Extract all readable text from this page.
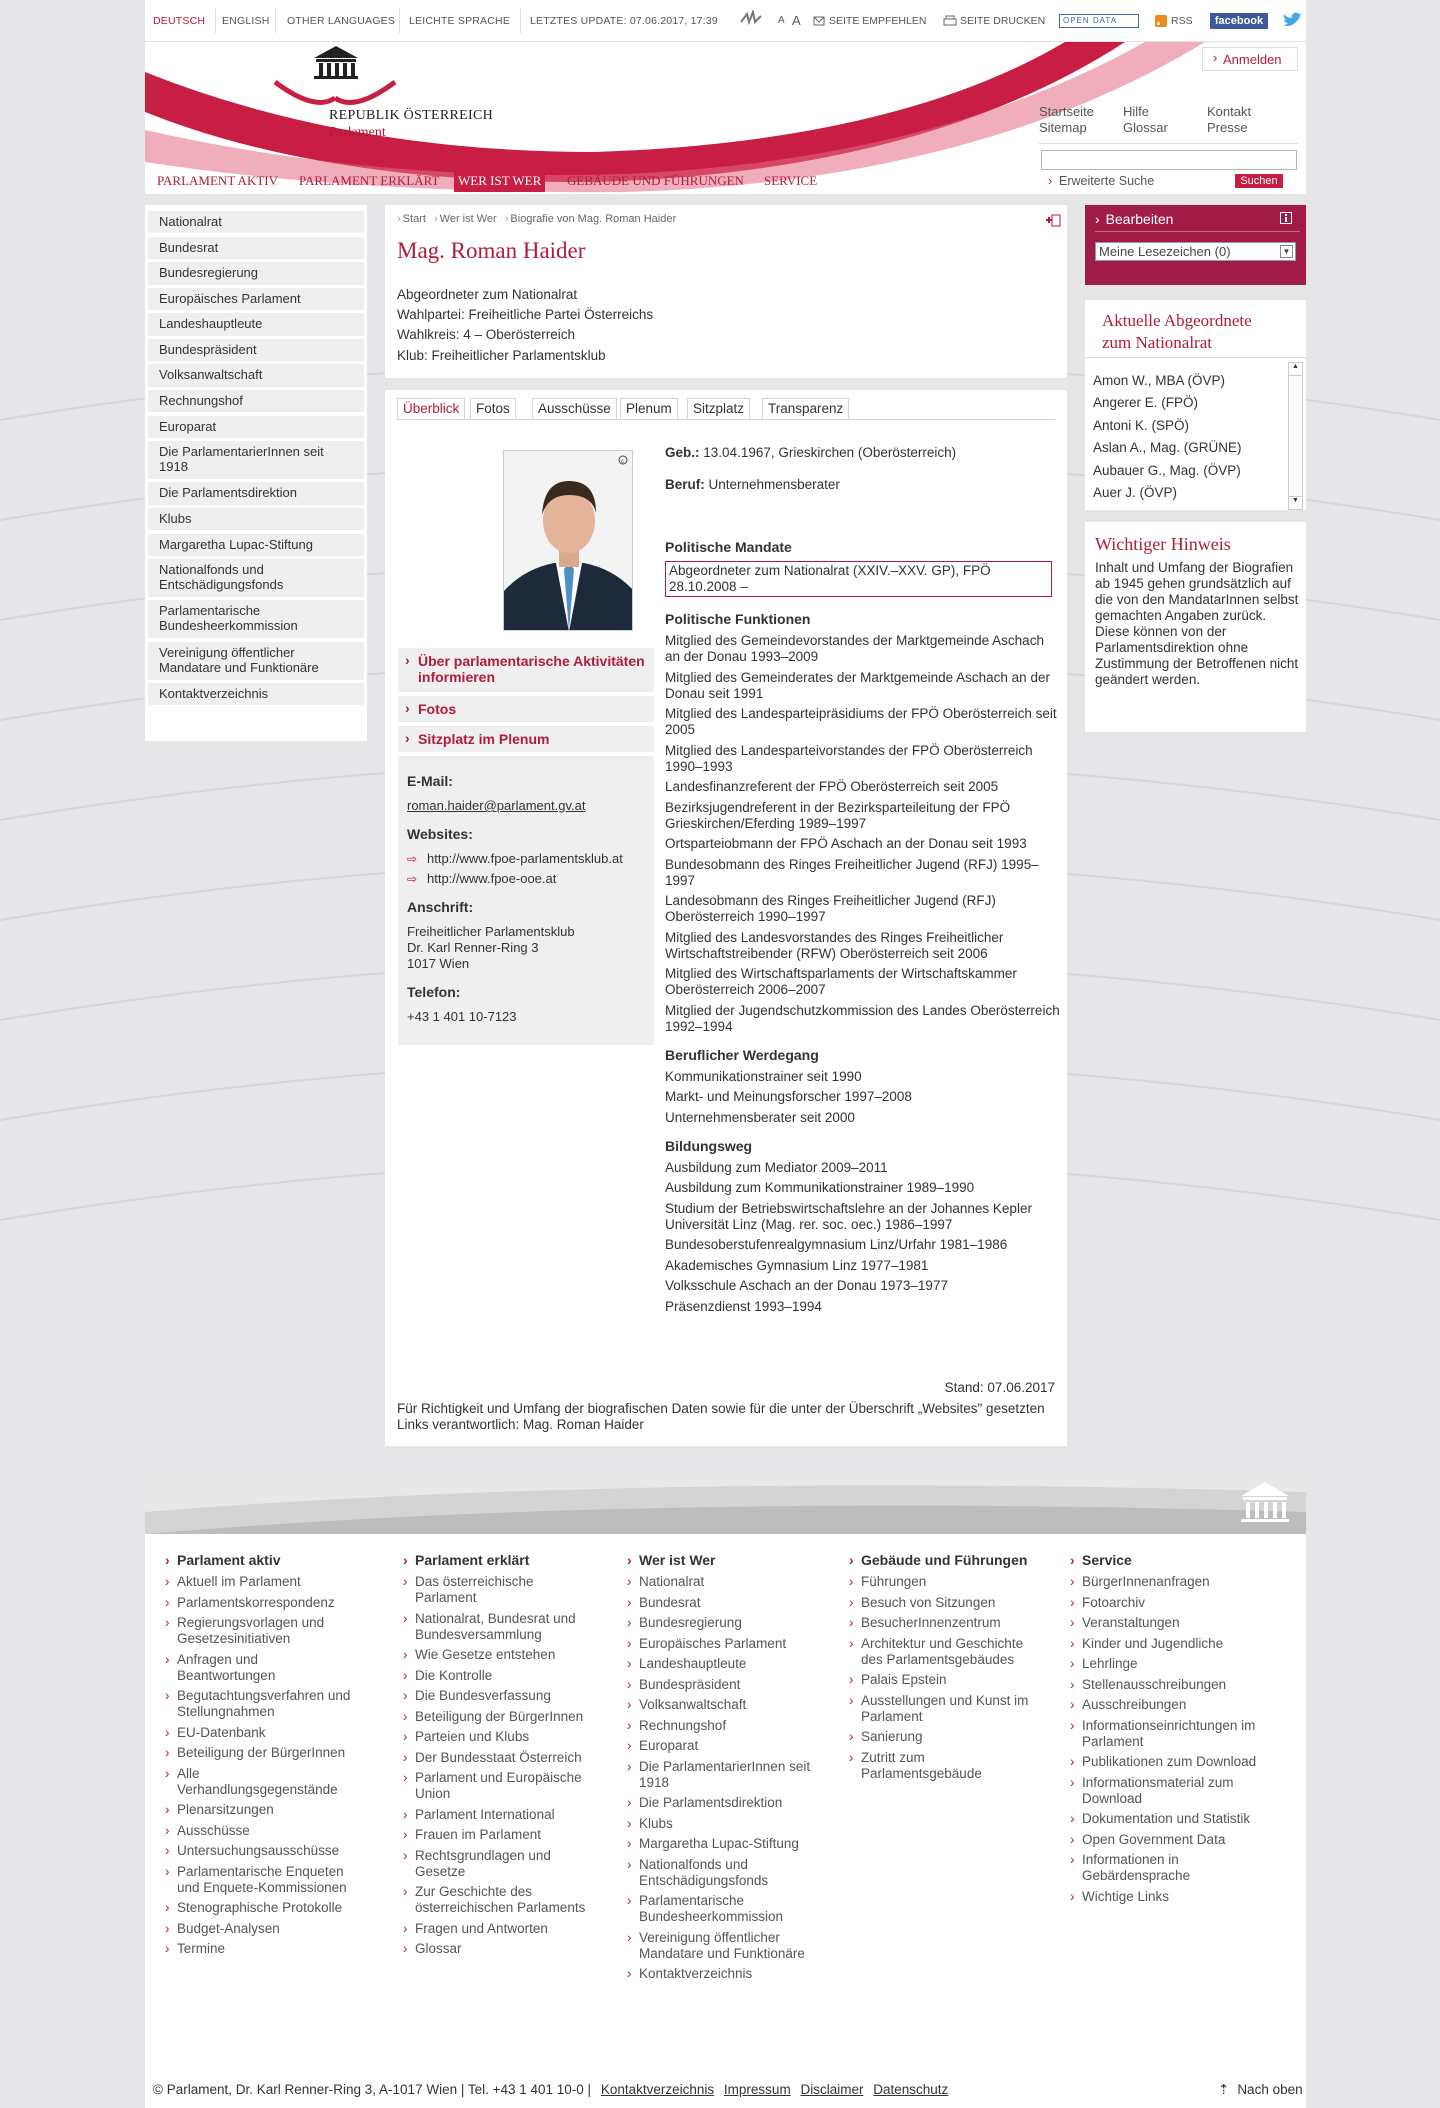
DEUTSCH ENGLISH OTHER LANGUAGES LEICHTE SPRACHE LETZTES UPDATE: 07.06.2017, 17:39	A A	SEITE EMPFEHLEN	SEITE DRUCKEN	OPEN DATA	RSS	facebook
REPUBLIK ÖSTERREICH
Parlament
› Anmelden
Startseite
Sitemap
Hilfe
Glossar
Kontakt
Presse
› Erweiterte Suche	Suchen
PARLAMENT AKTIV	PARLAMENT ERKLÄRT	WER IST WER	GEBÄUDE UND FÜHRUNGEN	SERVICE
Nationalrat
Bundesrat
Bundesregierung
Europäisches Parlament
Landeshauptleute
Bundespräsident
Volksanwaltschaft
Rechnungshof
Europarat
Die ParlamentarierInnen seit 1918
Die Parlamentsdirektion
Klubs
Margaretha Lupac-Stiftung
Nationalfonds und Entschädigungsfonds
Parlamentarische Bundesheerkommission
Vereinigung öffentlicher Mandatare und Funktionäre
Kontaktverzeichnis
› Start › Wer ist Wer › Biografie von Mag. Roman Haider
Mag. Roman Haider
Abgeordneter zum Nationalrat
Wahlpartei: Freiheitliche Partei Österreichs
Wahlkreis: 4 – Oberösterreich
Klub: Freiheitlicher Parlamentsklub
Überblick	Fotos	Ausschüsse	Plenum	Sitzplatz	Transparenz
c
› Über parlamentarische Aktivitäten informieren
› Fotos
› Sitzplatz im Plenum
E-Mail:
roman.haider@parlament.gv.at
Websites:
⇨ http://www.fpoe-parlamentsklub.at
⇨ http://www.fpoe-ooe.at
Anschrift:
Freiheitlicher Parlamentsklub
Dr. Karl Renner-Ring 3
1017 Wien
Telefon:
+43 1 401 10-7123
Geb.: 13.04.1967, Grieskirchen (Oberösterreich)
Beruf: Unternehmensberater
Politische Mandate
Abgeordneter zum Nationalrat (XXIV.–XXV. GP), FPÖ 28.10.2008 –
Politische Funktionen
Mitglied des Gemeindevorstandes der Marktgemeinde Aschach an der Donau 1993–2009
Mitglied des Gemeinderates der Marktgemeinde Aschach an der Donau seit 1991
Mitglied des Landesparteipräsidiums der FPÖ Oberösterreich seit 2005
Mitglied des Landesparteivorstandes der FPÖ Oberösterreich 1990–1993
Landesfinanzreferent der FPÖ Oberösterreich seit 2005
Bezirksjugendreferent in der Bezirksparteileitung der FPÖ Grieskirchen/Eferding 1989–1997
Ortsparteiobmann der FPÖ Aschach an der Donau seit 1993
Bundesobmann des Ringes Freiheitlicher Jugend (RFJ) 1995–1997
Landesobmann des Ringes Freiheitlicher Jugend (RFJ) Oberösterreich 1990–1997
Mitglied des Landesvorstandes des Ringes Freiheitlicher Wirtschaftstreibender (RFW) Oberösterreich seit 2006
Mitglied des Wirtschaftsparlaments der Wirtschaftskammer Oberösterreich 2006–2007
Mitglied der Jugendschutzkommission des Landes Oberösterreich 1992–1994
Beruflicher Werdegang
Kommunikationstrainer seit 1990
Markt- und Meinungsforscher 1997–2008
Unternehmensberater seit 2000
Bildungsweg
Ausbildung zum Mediator 2009–2011
Ausbildung zum Kommunikationstrainer 1989–1990
Studium der Betriebswirtschaftslehre an der Johannes Kepler Universität Linz (Mag. rer. soc. oec.) 1986–1997
Bundesoberstufenrealgymnasium Linz/Urfahr 1981–1986
Akademisches Gymnasium Linz 1977–1981
Volksschule Aschach an der Donau 1973–1977
Präsenzdienst 1993–1994
Stand: 07.06.2017
Für Richtigkeit und Umfang der biografischen Daten sowie für die unter der Überschrift „Websites" gesetzten Links verantwortlich: Mag. Roman Haider
› Bearbeiten
Meine Lesezeichen (0)	▼
Aktuelle Abgeordnete zum Nationalrat
Amon W., MBA (ÖVP)
Angerer E. (FPÖ)
Antoni K. (SPÖ)
Aslan A., Mag. (GRÜNE)
Aubauer G., Mag. (ÖVP)
Auer J. (ÖVP)
▲
▼
Wichtiger Hinweis
Inhalt und Umfang der Biografien ab 1945 gehen grundsätzlich auf die von den MandatarInnen selbst gemachten Angaben zurück. Diese können von der Parlamentsdirektion ohne Zustimmung der Betroffenen nicht geändert werden.
› Parlament aktiv
› Aktuell im Parlament
› Parlamentskorrespondenz
› Regierungsvorlagen und Gesetzesinitiativen
› Anfragen und Beantwortungen
› Begutachtungsverfahren und Stellungnahmen
› EU-Datenbank
› Beteiligung der BürgerInnen
› Alle Verhandlungsgegenstände
› Plenarsitzungen
› Ausschüsse
› Untersuchungsausschüsse
› Parlamentarische Enqueten und Enquete-Kommissionen
› Stenographische Protokolle
› Budget-Analysen
› Termine
› Parlament erklärt
› Das österreichische Parlament
› Nationalrat, Bundesrat und Bundesversammlung
› Wie Gesetze entstehen
› Die Kontrolle
› Die Bundesverfassung
› Beteiligung der BürgerInnen
› Parteien und Klubs
› Der Bundesstaat Österreich
› Parlament und Europäische Union
› Parlament International
› Frauen im Parlament
› Rechtsgrundlagen und Gesetze
› Zur Geschichte des österreichischen Parlaments
› Fragen und Antworten
› Glossar
› Wer ist Wer
› Nationalrat
› Bundesrat
› Bundesregierung
› Europäisches Parlament
› Landeshauptleute
› Bundespräsident
› Volksanwaltschaft
› Rechnungshof
› Europarat
› Die ParlamentarierInnen seit 1918
› Die Parlamentsdirektion
› Klubs
› Margaretha Lupac-Stiftung
› Nationalfonds und Entschädigungsfonds
› Parlamentarische Bundesheerkommission
› Vereinigung öffentlicher Mandatare und Funktionäre
› Kontaktverzeichnis
› Gebäude und Führungen
› Führungen
› Besuch von Sitzungen
› BesucherInnenzentrum
› Architektur und Geschichte des Parlamentsgebäudes
› Palais Epstein
› Ausstellungen und Kunst im Parlament
› Sanierung
› Zutritt zum Parlamentsgebäude
› Service
› BürgerInnenanfragen
› Fotoarchiv
› Veranstaltungen
› Kinder und Jugendliche
› Lehrlinge
› Stellenausschreibungen
› Ausschreibungen
› Informationseinrichtungen im Parlament
› Publikationen zum Download
› Informationsmaterial zum Download
› Dokumentation und Statistik
› Open Government Data
› Informationen in Gebärdensprache
› Wichtige Links
© Parlament, Dr. Karl Renner-Ring 3, A-1017 Wien | Tel. +43 1 401 10-0 | Kontaktverzeichnis Impressum Disclaimer Datenschutz	⇡ Nach oben
